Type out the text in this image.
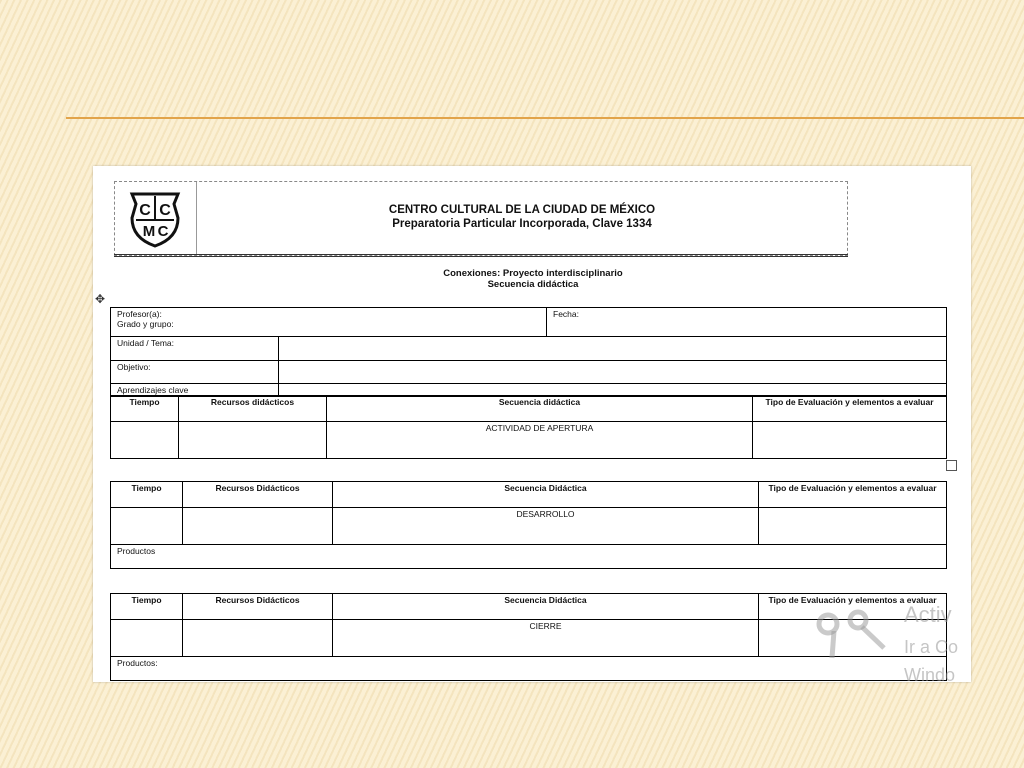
C C
M C
CENTRO CULTURAL DE LA CIUDAD DE MÉXICO
Preparatoria Particular Incorporada, Clave 1334
Conexiones: Proyecto interdisciplinario
Secuencia didáctica
✥
Profesor(a):
Grado y grupo:		Fecha:
Unidad / Tema:		
Objetivo:		
Aprendizajes clave		
Tiempo	Recursos didácticos	Secuencia didáctica	Tipo de Evaluación y elementos a evaluar
		ACTIVIDAD DE APERTURA	
Tiempo	Recursos Didácticos	Secuencia Didáctica	Tipo de Evaluación y elementos a evaluar
		DESARROLLO	
Productos			
Tiempo	Recursos Didácticos	Secuencia Didáctica	Tipo de Evaluación y elementos a evaluar
		CIERRE	
Productos:			
Activ
Ir a Co
Windo
